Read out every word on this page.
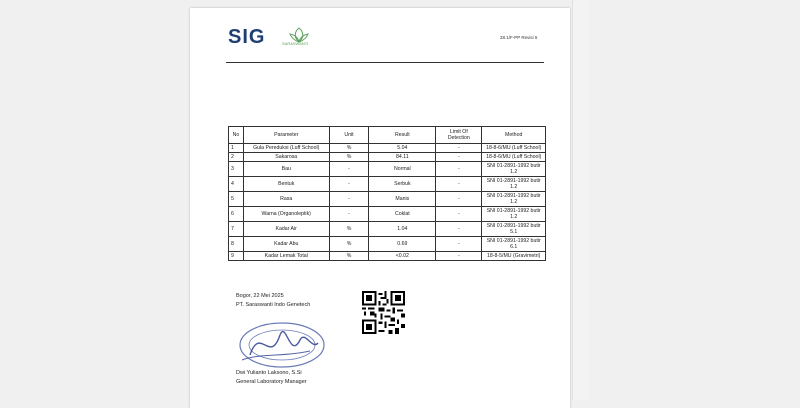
SIG	SARASWANTI
28.1/F-PP Revisi 5
No	Parameter	Unit	Result	Limit Of Detection	Method
1	Gula Pereduksi (Luff School)	%	5.04	-	18-8-6/MU (Luff School)
2	Sakarosa	%	84.11	-	18-8-6/MU (Luff School)
3	Bau	-	Normal	-	SNI 01-2891-1992 butir 1.2
4	Bentuk	-	Serbuk	-	SNI 01-2891-1992 butir 1.2
5	Rasa	-	Manis	-	SNI 01-2891-1992 butir 1.2
6	Warna (Organoleptik)	-	Coklat	-	SNI 01-2891-1992 butir 1.2
7	Kadar Air	%	1.04	-	SNI 01-2891-1992 butir 5.1
8	Kadar Abu	%	0.69	-	SNI 01-2891-1992 butir 6.1
9	Kadar Lemak Total	%	<0.02	-	18-8-5/MU (Gravimetri)
Bogor, 22 Mei 2025
PT. Saraswanti Indo Genetech
Dwi Yulianto Laksono, S.Si
General Laboratory Manager
